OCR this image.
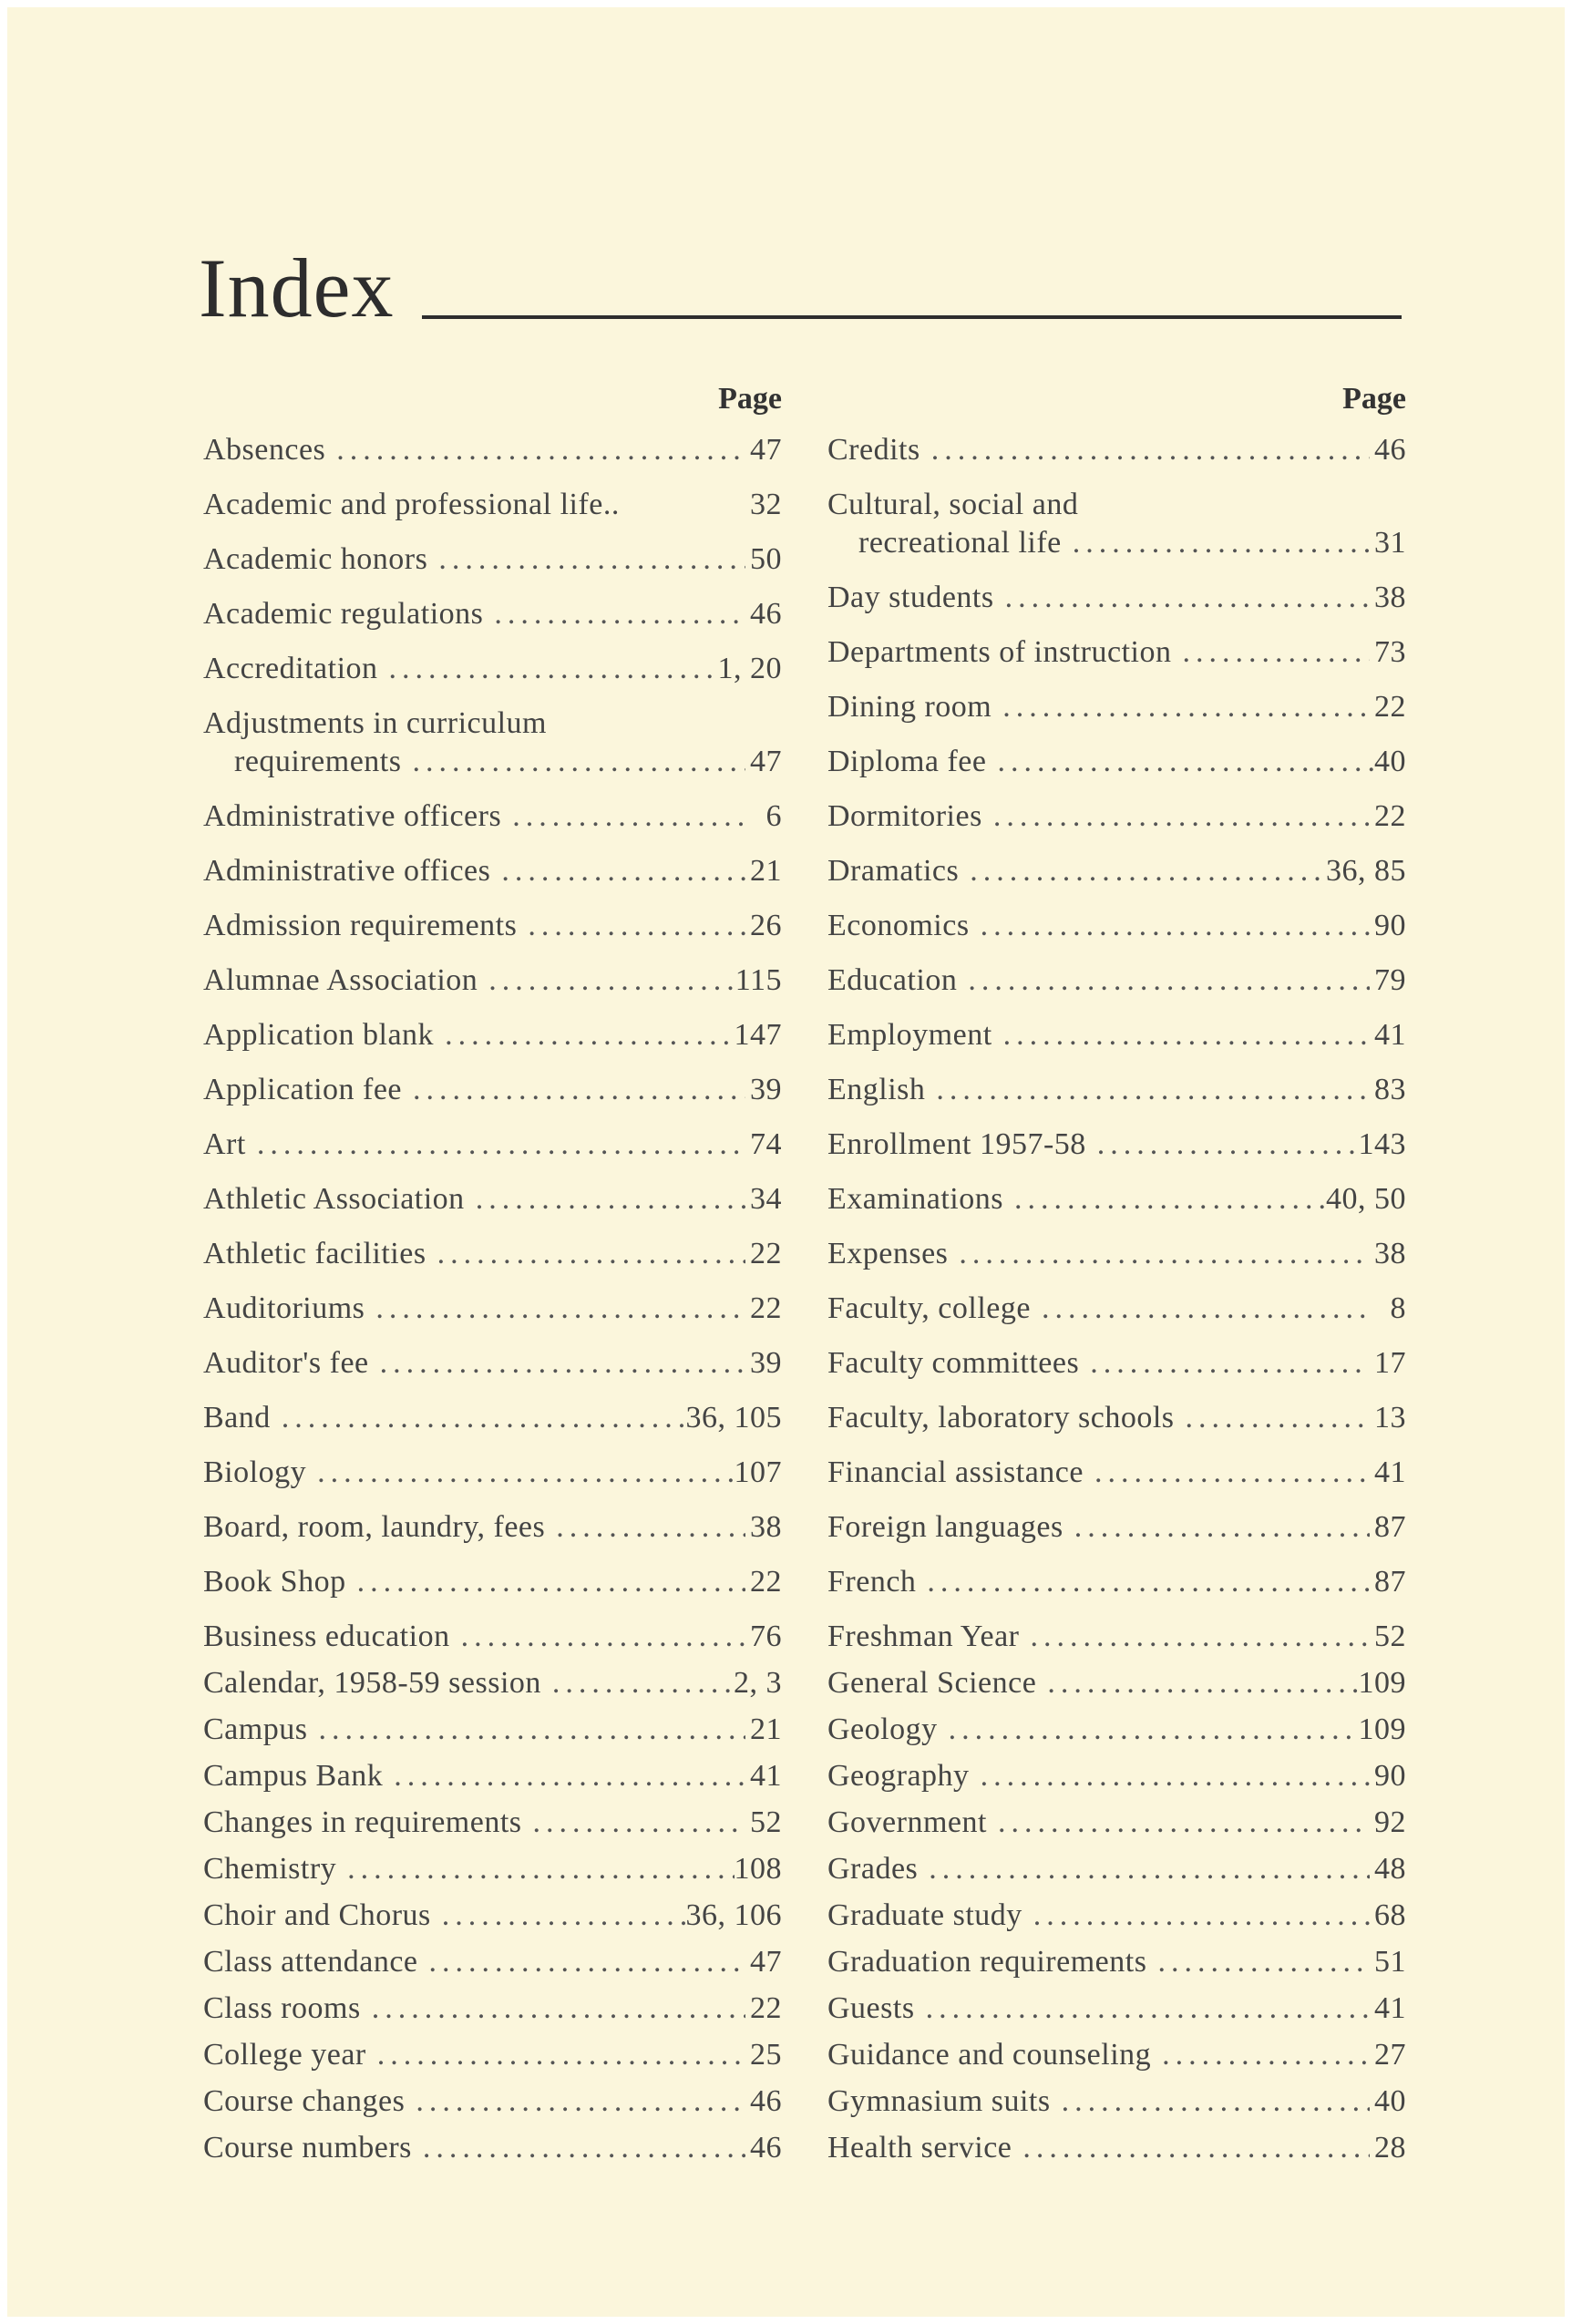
Index
Page
Absences .....	47
Academic and professional life..	32
Academic honors .....	50
Academic regulations .....	46
Accreditation .....	1, 20
Adjustments in curriculum
requirements .....	47
Administrative officers .....	6
Administrative offices .....	21
Admission requirements .....	26
Alumnae Association .....	115
Application blank .....	147
Application fee .....	39
Art .....	74
Athletic Association .....	34
Athletic facilities .....	22
Auditoriums .....	22
Auditor's fee .....	39
Band .....	36, 105
Biology .....	107
Board, room, laundry, fees .....	38
Book Shop .....	22
Business education .....	76
Calendar, 1958-59 session .....	2, 3
Campus .....	21
Campus Bank .....	41
Changes in requirements .....	52
Chemistry .....	108
Choir and Chorus .....	36, 106
Class attendance .....	47
Class rooms .....	22
College year .....	25
Course changes .....	46
Course numbers .....	46
Page
Credits .....	46
Cultural, social and
recreational life .....	31
Day students .....	38
Departments of instruction .....	73
Dining room .....	22
Diploma fee .....	40
Dormitories .....	22
Dramatics .....	36, 85
Economics .....	90
Education .....	79
Employment .....	41
English .....	83
Enrollment 1957-58 .....	143
Examinations .....	40, 50
Expenses .....	38
Faculty, college .....	8
Faculty committees .....	17
Faculty, laboratory schools .....	13
Financial assistance .....	41
Foreign languages .....	87
French .....	87
Freshman Year .....	52
General Science .....	109
Geology .....	109
Geography .....	90
Government .....	92
Grades .....	48
Graduate study .....	68
Graduation requirements .....	51
Guests .....	41
Guidance and counseling .....	27
Gymnasium suits .....	40
Health service .....	28
